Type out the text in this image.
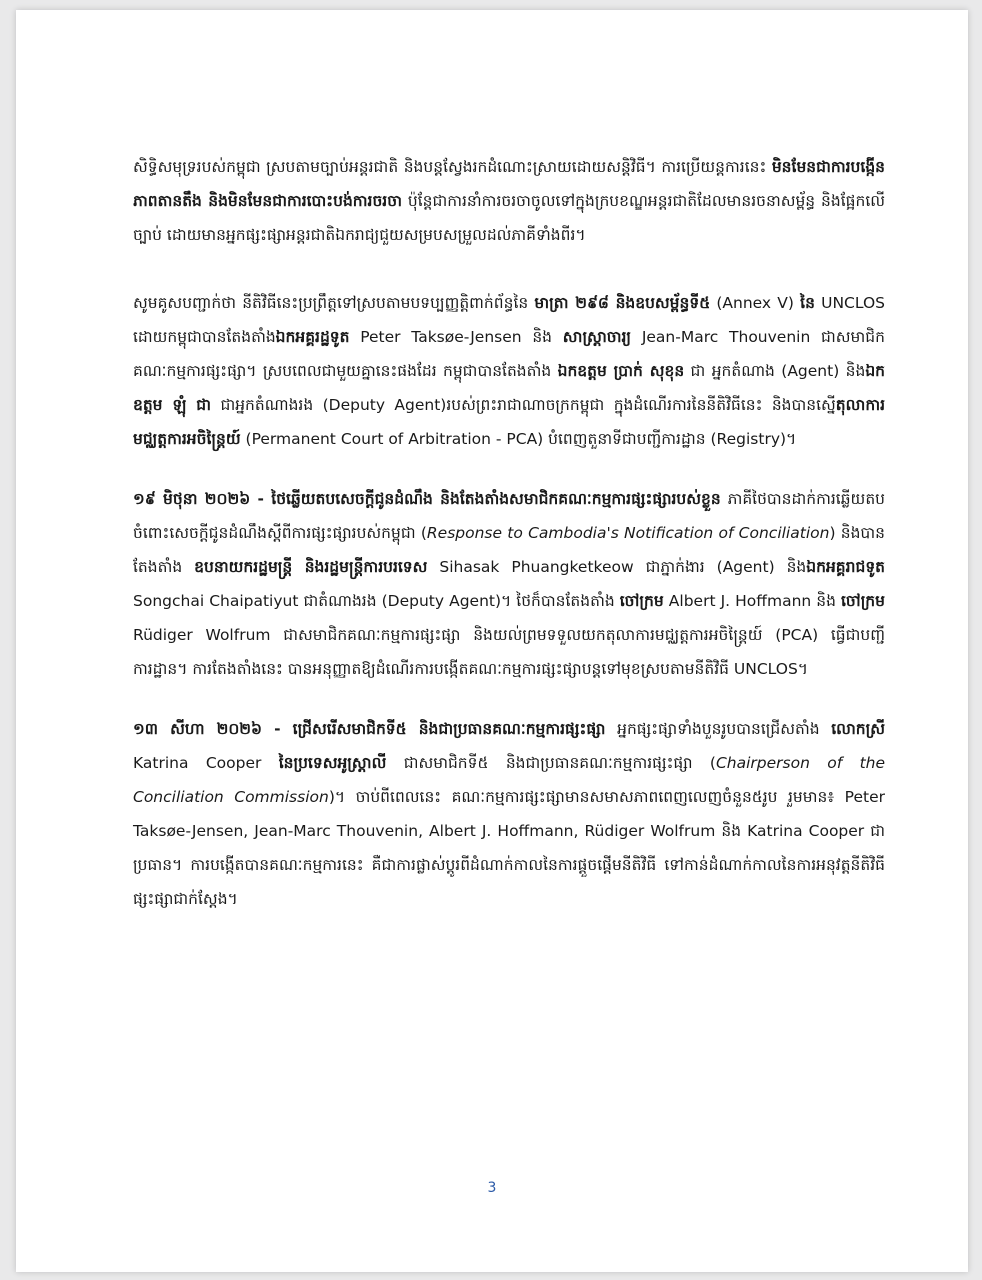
សិទ្ធិសមុទ្ររបស់កម្ពុជា ស្របតាមច្បាប់អន្តរជាតិ និងបន្តស្វែងរកដំណោះស្រាយដោយសន្តិវិធី។ ការប្រើយន្តការនេះ មិនមែនជាការបង្កើនភាពតានតឹង និងមិនមែនជាការបោះបង់ការចរចា ប៉ុន្តែជាការនាំការចរចាចូលទៅក្នុងក្របខណ្ឌអន្តរជាតិដែលមានរចនាសម្ព័ន្ធ និងផ្អែកលើច្បាប់ ដោយមានអ្នកផ្សះផ្សាអន្តរជាតិឯករាជ្យជួយសម្របសម្រួលដល់ភាគីទាំងពីរ។

សូមគូសបញ្ជាក់ថា នីតិវិធីនេះប្រព្រឹត្តទៅស្របតាមបទប្បញ្ញត្តិពាក់ព័ន្ធនៃ មាត្រា ២៩៨ និងឧបសម្ព័ន្ធទី៥ (Annex V) នៃ UNCLOS ដោយកម្ពុជាបានតែងតាំងឯកអគ្គរដ្ឋទូត Peter Taksøe-Jensen និង សាស្ត្រាចារ្យ Jean-Marc Thouvenin ជាសមាជិកគណៈកម្មការផ្សះផ្សា។ ស្របពេលជាមួយគ្នានេះផងដែរ កម្ពុជាបានតែងតាំង ឯកឧត្តម ប្រាក់ សុខុន ជា អ្នកតំណាង (Agent) និងឯកឧត្តម ឡុំ ជា ជាអ្នកតំណាងរង (Deputy Agent)របស់ព្រះរាជាណាចក្រកម្ពុជា ក្នុងដំណើរការនៃនីតិវិធីនេះ និងបានស្នើតុលាការមជ្ឈត្តការអចិន្ត្រៃយ៍ (Permanent Court of Arbitration - PCA) បំពេញតួនាទីជាបញ្ជីការដ្ឋាន (Registry)។

១៩ មិថុនា ២០២៦ - ថៃឆ្លើយតបសេចក្តីជូនដំណឹង និងតែងតាំងសមាជិកគណៈកម្មការផ្សះផ្សារបស់ខ្លួន ភាគីថៃបានដាក់ការឆ្លើយតបចំពោះសេចក្តីជូនដំណឹងស្តីពីការផ្សះផ្សារបស់កម្ពុជា (Response to Cambodia's Notification of Conciliation) និងបានតែងតាំង ឧបនាយករដ្ឋមន្ត្រី និងរដ្ឋមន្ត្រីការបរទេស Sihasak Phuangketkeow ជាភ្នាក់ងារ (Agent) និងឯកអគ្គរាជទូត Songchai Chaipatiyut ជាតំណាងរង (Deputy Agent)។ ថៃក៏បានតែងតាំង ចៅក្រម Albert J. Hoffmann និង ចៅក្រម Rüdiger Wolfrum ជាសមាជិកគណៈកម្មការផ្សះផ្សា និងយល់ព្រមទទួលយកតុលាការមជ្ឈត្តការអចិន្ត្រៃយ៍ (PCA) ធ្វើជាបញ្ជីការដ្ឋាន។ ការតែងតាំងនេះ បានអនុញ្ញាតឱ្យដំណើរការបង្កើតគណៈកម្មការផ្សះផ្សាបន្តទៅមុខស្របតាមនីតិវិធី UNCLOS។

១៣ សីហា ២០២៦ - ជ្រើសរើសមាជិកទី៥ និងជាប្រធានគណៈកម្មការផ្សះផ្សា អ្នកផ្សះផ្សាទាំងបួនរូបបានជ្រើសតាំង លោកស្រី Katrina Cooper នៃប្រទេសអូស្ត្រាលី ជាសមាជិកទី៥ និងជាប្រធានគណៈកម្មការផ្សះផ្សា (Chairperson of the Conciliation Commission)។ ចាប់ពីពេលនេះ គណៈកម្មការផ្សះផ្សាមានសមាសភាពពេញលេញចំនួន៥រូប រួមមាន៖ Peter Taksøe-Jensen, Jean-Marc Thouvenin, Albert J. Hoffmann, Rüdiger Wolfrum និង Katrina Cooper ជាប្រធាន។ ការបង្កើតបានគណៈកម្មការនេះ គឺជាការផ្លាស់ប្តូរពីដំណាក់កាលនៃការផ្តួចផ្តើមនីតិវិធី ទៅកាន់ដំណាក់កាលនៃការអនុវត្តនីតិវិធីផ្សះផ្សាជាក់ស្តែង។

3
